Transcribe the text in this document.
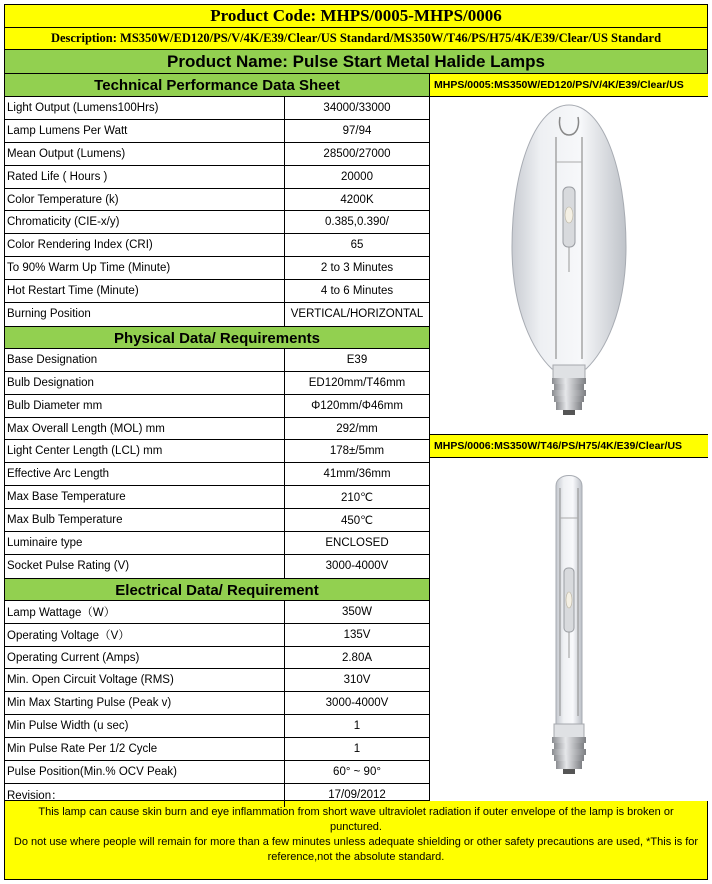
Product Code: MHPS/0005-MHPS/0006
Description: MS350W/ED120/PS/V/4K/E39/Clear/US Standard/MS350W/T46/PS/H75/4K/E39/Clear/US Standard
Product Name: Pulse Start Metal Halide Lamps
Technical Performance Data Sheet
Light Output (Lumens100Hrs)	34000/33000
Lamp Lumens Per Watt	97/94
Mean Output (Lumens)	28500/27000
Rated Life ( Hours )	20000
Color Temperature (k)	4200K
Chromaticity (CIE-x/y)	0.385,0.390/
Color Rendering Index (CRI)	65
To 90% Warm Up Time (Minute)	2 to 3 Minutes
Hot Restart Time (Minute)	4 to 6 Minutes
Burning Position	VERTICAL/HORIZONTAL
Physical Data/ Requirements
Base Designation	E39
Bulb Designation	ED120mm/T46mm
Bulb Diameter mm	Φ120mm/Φ46mm
Max Overall Length (MOL) mm	292/mm
Light Center Length (LCL) mm	178±/5mm
Effective Arc Length	41mm/36mm
Max Base Temperature	210℃
Max Bulb Temperature	450℃
Luminaire type	ENCLOSED
Socket Pulse Rating (V)	3000-4000V
Electrical Data/ Requirement
Lamp Wattage（W）	350W
Operating Voltage（V）	135V
Operating Current (Amps)	2.80A
Min. Open Circuit Voltage (RMS)	310V
Min Max Starting Pulse (Peak v)	3000-4000V
Min Pulse Width (u sec)	1
Min Pulse Rate Per 1/2 Cycle	1
Pulse Position(Min.% OCV Peak)	60° ~ 90°
Revision：	17/09/2012
MHPS/0005:MS350W/ED120/PS/V/4K/E39/Clear/US
MHPS/0006:MS350W/T46/PS/H75/4K/E39/Clear/US
This lamp can cause skin burn and eye inflammation from short wave ultraviolet radiation if outer envelope of the lamp is broken or punctured.
Do not use where people will remain for more than a few minutes unless adequate shielding or other safety precautions are used, *This is for reference,not the absolute standard.
